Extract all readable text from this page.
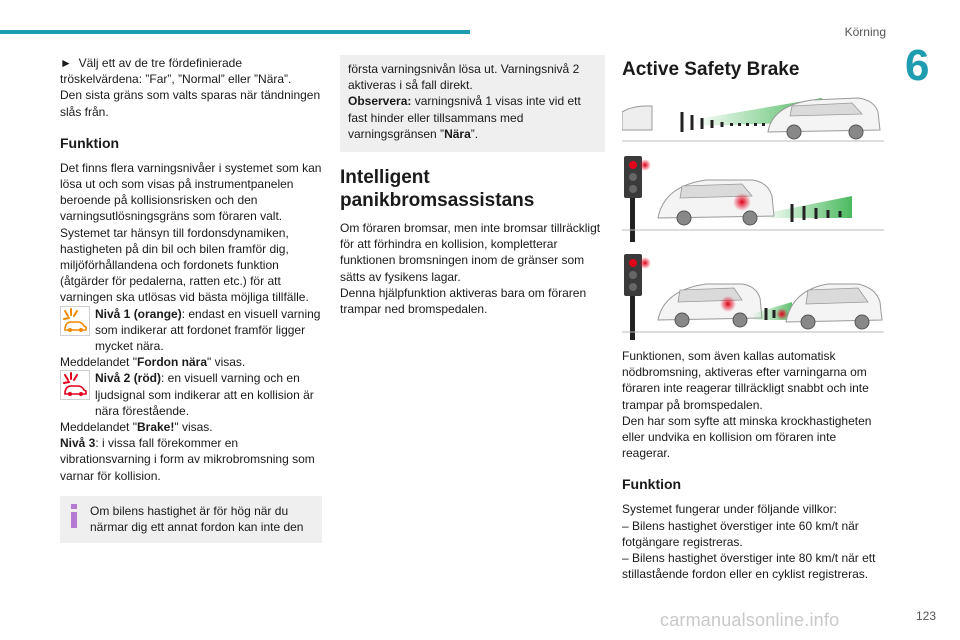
Körning
6

► Välj ett av de tre fördefinierade tröskelvärdena: ”Far”, ”Normal” eller ”Nära”.
Den sista gräns som valts sparas när tändningen slås från.

Funktion

Det finns flera varningsnivåer i systemet som kan lösa ut och som visas på instrumentpanelen beroende på kollisionsrisken och den varningsutlösningsgräns som föraren valt. Systemet tar hänsyn till fordonsdynamiken, hastigheten på din bil och bilen framför dig, miljöförhållandena och fordonets funktion (åtgärder för pedalerna, ratten etc.) för att varningen ska utlösas vid bästa möjliga tillfälle.

Nivå 1 (orange): endast en visuell varning som indikerar att fordonet framför ligger mycket nära.

Meddelandet "Fordon nära" visas.

Nivå 2 (röd): en visuell varning och en ljudsignal som indikerar att en kollision är nära förestående.

Meddelandet "Brake!" visas.

Nivå 3: i vissa fall förekommer en vibrationsvarning i form av mikrobromsning som varnar för kollision.

Om bilens hastighet är för hög när du närmar dig ett annat fordon kan inte den

första varningsnivån lösa ut. Varningsnivå 2 aktiveras i så fall direkt.

Observera: varningsnivå 1 visas inte vid ett fast hinder eller tillsammans med varningsgränsen ”Nära”.

Intelligent panikbromsassistans

Om föraren bromsar, men inte bromsar tillräckligt för att förhindra en kollision, kompletterar funktionen bromsningen inom de gränser som sätts av fysikens lagar.

Denna hjälpfunktion aktiveras bara om föraren trampar ned bromspedalen.

Active Safety Brake

Funktionen, som även kallas automatisk nödbromsning, aktiveras efter varningarna om föraren inte reagerar tillräckligt snabbt och inte trampar på bromspedalen.

Den har som syfte att minska krockhastigheten eller undvika en kollision om föraren inte reagerar.

Funktion

Systemet fungerar under följande villkor:

– Bilens hastighet överstiger inte 60 km/t när fotgängare registreras.

– Bilens hastighet överstiger inte 80 km/t när ett stillastående fordon eller en cyklist registreras.

carmanualsonline.info	123
